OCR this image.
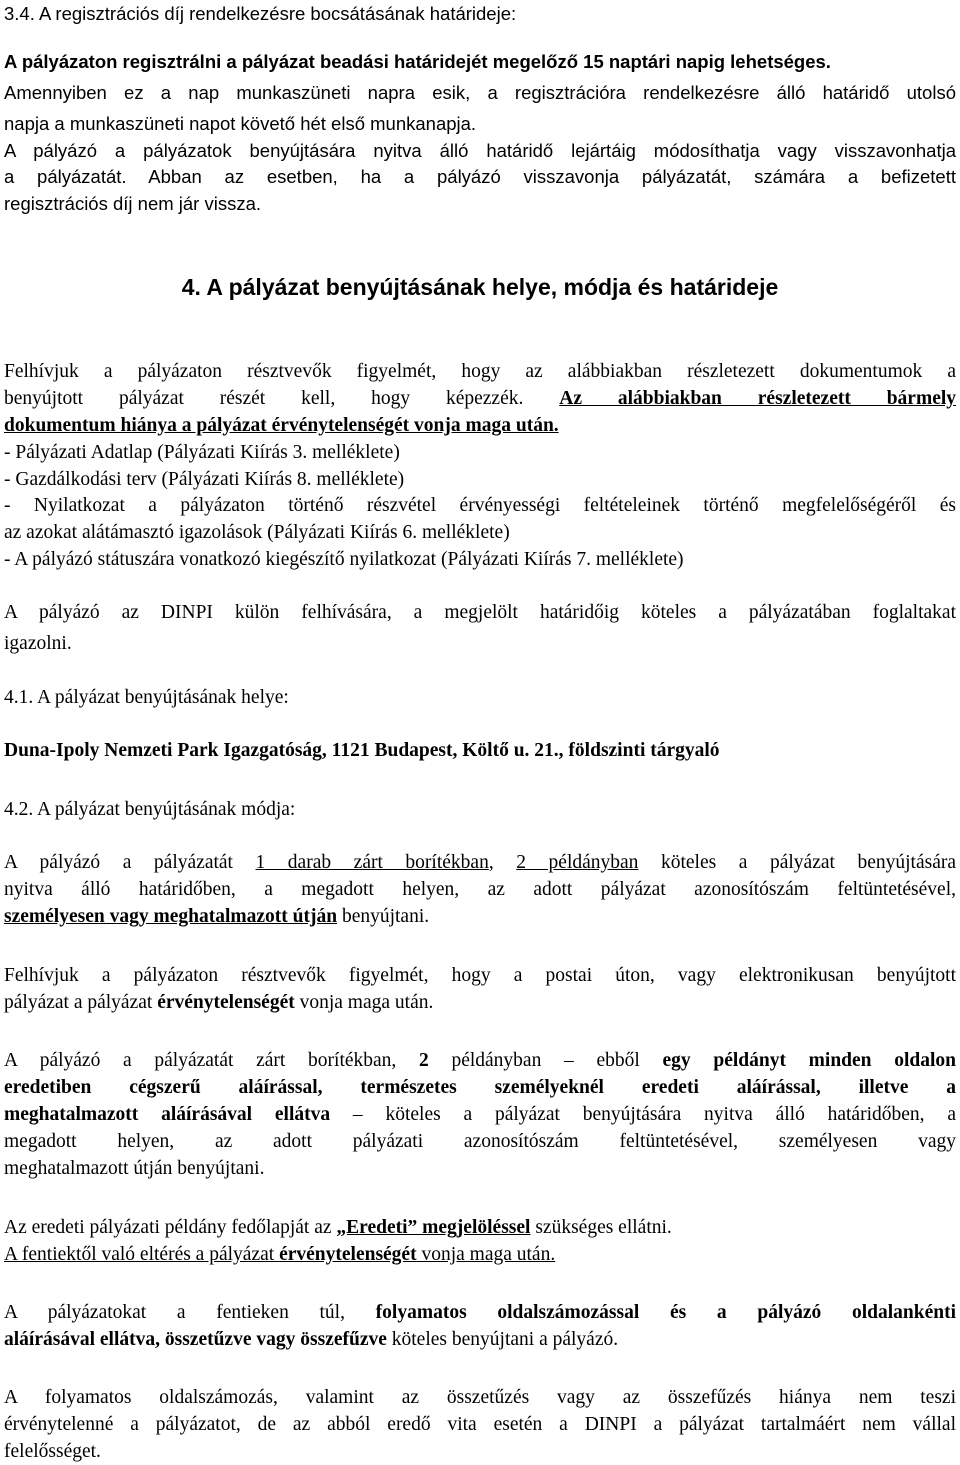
3.4. A regisztrációs díj rendelkezésre bocsátásának határideje:
A pályázaton regisztrálni a pályázat beadási határidejét megelőző 15 naptári napig lehetséges.
Amennyiben ez a nap munkaszüneti napra esik, a regisztrációra rendelkezésre álló határidő utolsó
napja a munkaszüneti napot követő hét első munkanapja.
A pályázó a pályázatok benyújtására nyitva álló határidő lejártáig módosíthatja vagy visszavonhatja
a pályázatát. Abban az esetben, ha a pályázó visszavonja pályázatát, számára a befizetett
regisztrációs díj nem jár vissza.
4. A pályázat benyújtásának helye, módja és határideje
Felhívjuk a pályázaton résztvevők figyelmét, hogy az alábbiakban részletezett dokumentumok a
benyújtott pályázat részét kell, hogy képezzék. Az alábbiakban részletezett bármely
dokumentum hiánya a pályázat érvénytelenségét vonja maga után.
- Pályázati Adatlap (Pályázati Kiírás 3. melléklete)
- Gazdálkodási terv (Pályázati Kiírás 8. melléklete)
- Nyilatkozat a pályázaton történő részvétel érvényességi feltételeinek történő megfelelőségéről és
az azokat alátámasztó igazolások (Pályázati Kiírás 6. melléklete)
- A pályázó státuszára vonatkozó kiegészítő nyilatkozat (Pályázati Kiírás 7. melléklete)
A pályázó az DINPI külön felhívására, a megjelölt határidőig köteles a pályázatában foglaltakat
igazolni.
4.1. A pályázat benyújtásának helye:
Duna-Ipoly Nemzeti Park Igazgatóság, 1121 Budapest, Költő u. 21., földszinti tárgyaló
4.2. A pályázat benyújtásának módja:
A pályázó a pályázatát 1 darab zárt borítékban, 2 példányban köteles a pályázat benyújtására
nyitva álló határidőben, a megadott helyen, az adott pályázat azonosítószám feltüntetésével,
személyesen vagy meghatalmazott útján benyújtani.
Felhívjuk a pályázaton résztvevők figyelmét, hogy a postai úton, vagy elektronikusan benyújtott
pályázat a pályázat érvénytelenségét vonja maga után.
A pályázó a pályázatát zárt borítékban, 2 példányban – ebből egy példányt minden oldalon
eredetiben cégszerű aláírással, természetes személyeknél eredeti aláírással, illetve a
meghatalmazott aláírásával ellátva – köteles a pályázat benyújtására nyitva álló határidőben, a
megadott helyen, az adott pályázati azonosítószám feltüntetésével, személyesen vagy
meghatalmazott útján benyújtani.
Az eredeti pályázati példány fedőlapját az „Eredeti” megjelöléssel szükséges ellátni.
A fentiektől való eltérés a pályázat érvénytelenségét vonja maga után.
A pályázatokat a fentieken túl, folyamatos oldalszámozással és a pályázó oldalankénti
aláírásával ellátva, összetűzve vagy összefűzve köteles benyújtani a pályázó.
A folyamatos oldalszámozás, valamint az összetűzés vagy az összefűzés hiánya nem teszi
érvénytelenné a pályázatot, de az abból eredő vita esetén a DINPI a pályázat tartalmáért nem vállal
felelősséget.
